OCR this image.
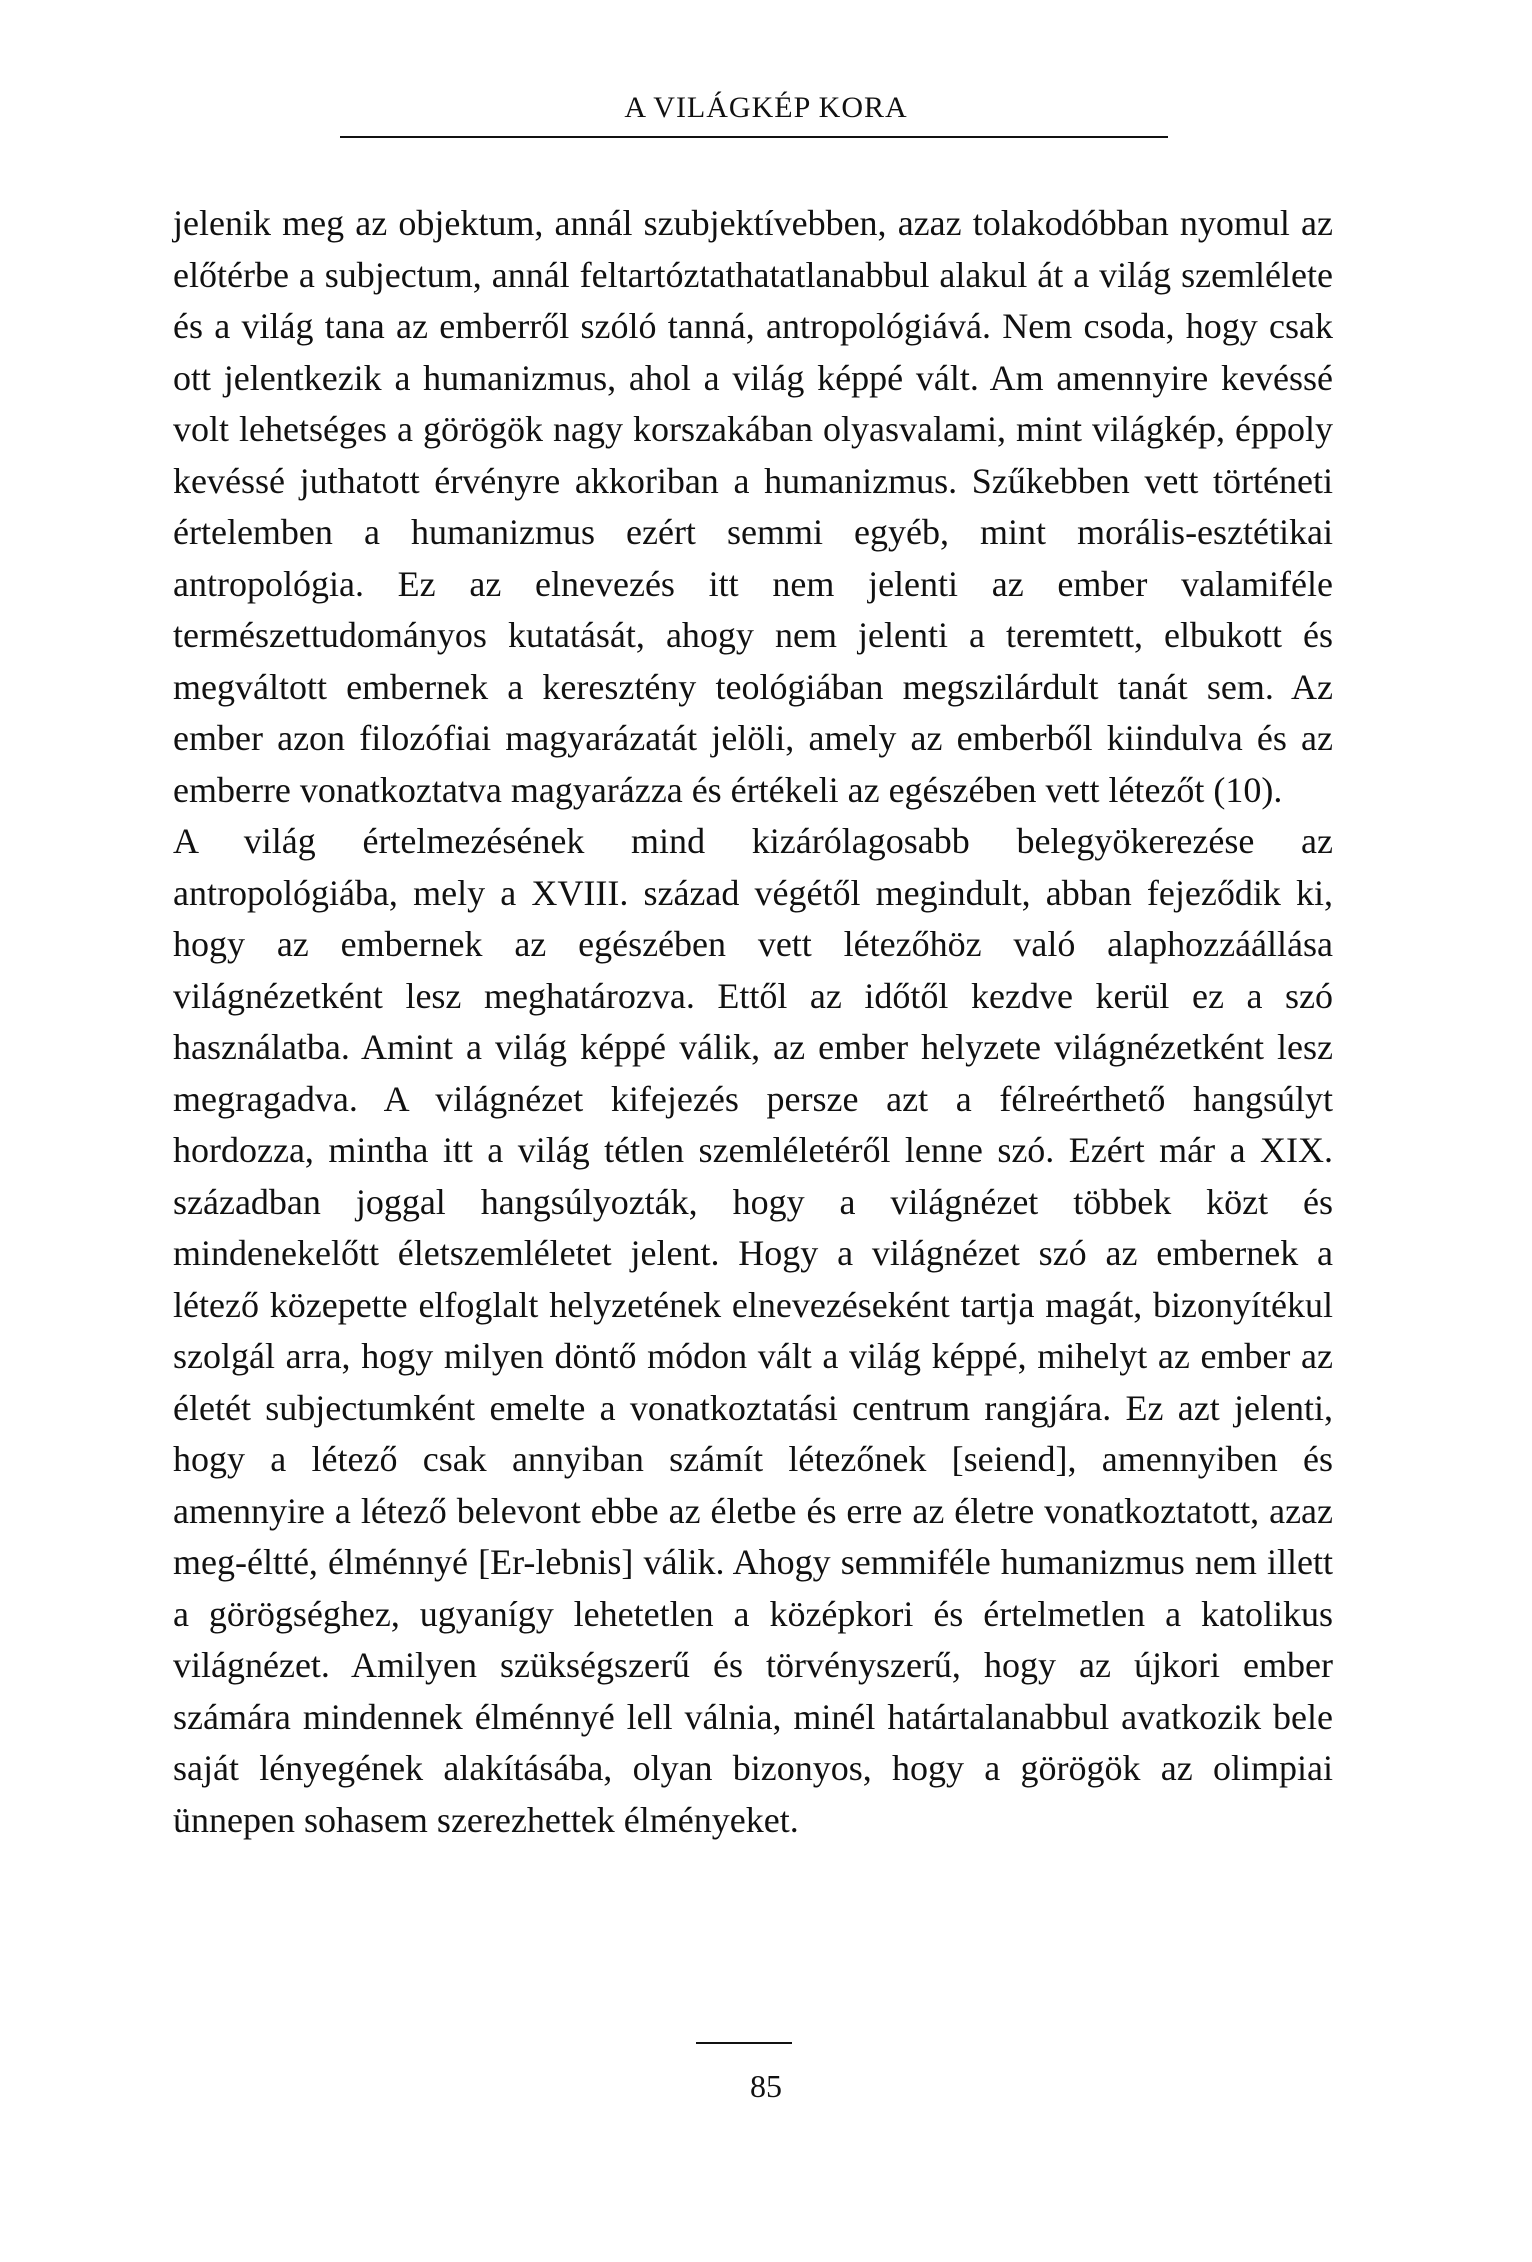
A VILÁGKÉP KORA

jelenik meg az objektum, annál szubjektívebben, azaz tolakodóbban nyomul az előtérbe a subjectum, annál feltartóztathatatlanabbul alakul át a világ szemlélete és a világ tana az emberről szóló tanná, antropológiává. Nem csoda, hogy csak ott jelentkezik a humanizmus, ahol a világ képpé vált. Am amennyire kevéssé volt lehetséges a görögök nagy korszakában olyasvalami, mint világkép, éppoly kevéssé juthatott érvényre akkoriban a humanizmus. Szűkebben vett történeti értelemben a humanizmus ezért semmi egyéb, mint morális-esztétikai antropológia. Ez az elnevezés itt nem jelenti az ember valamiféle természettudományos kutatását, ahogy nem jelenti a teremtett, elbukott és megváltott embernek a keresztény teológiában megszilárdult tanát sem. Az ember azon filozófiai magyarázatát jelöli, amely az emberből kiindulva és az emberre vonatkoztatva magyarázza és értékeli az egészében vett létezőt (10).

A világ értelmezésének mind kizárólagosabb belegyökerezése az antropológiába, mely a XVIII. század végétől megindult, abban fejeződik ki, hogy az embernek az egészében vett létezőhöz való alaphozzáállása világnézetként lesz meghatározva. Ettől az időtől kezdve kerül ez a szó használatba. Amint a világ képpé válik, az ember helyzete világnézetként lesz megragadva. A világnézet kifejezés persze azt a félreérthető hangsúlyt hordozza, mintha itt a világ tétlen szemléletéről lenne szó. Ezért már a XIX. században joggal hangsúlyozták, hogy a világnézet többek közt és mindenekelőtt életszemléletet jelent. Hogy a világnézet szó az embernek a létező közepette elfoglalt helyzetének elnevezéseként tartja magát, bizonyítékul szolgál arra, hogy milyen döntő módon vált a világ képpé, mihelyt az ember az életét subjectumként emelte a vonatkoztatási centrum rangjára. Ez azt jelenti, hogy a létező csak annyiban számít létezőnek [seiend], amennyiben és amennyire a létező belevont ebbe az életbe és erre az életre vonatkoztatott, azaz meg-éltté, élménnyé [Er-lebnis] válik. Ahogy semmiféle humanizmus nem illett a görögséghez, ugyanígy lehetetlen a középkori és értelmetlen a katolikus világnézet. Amilyen szükségszerű és törvényszerű, hogy az újkori ember számára mindennek élménnyé lell válnia, minél határtalanabbul avatkozik bele saját lényegének alakításába, olyan bizonyos, hogy a görögök az olimpiai ünnepen sohasem szerezhettek élményeket.

85
